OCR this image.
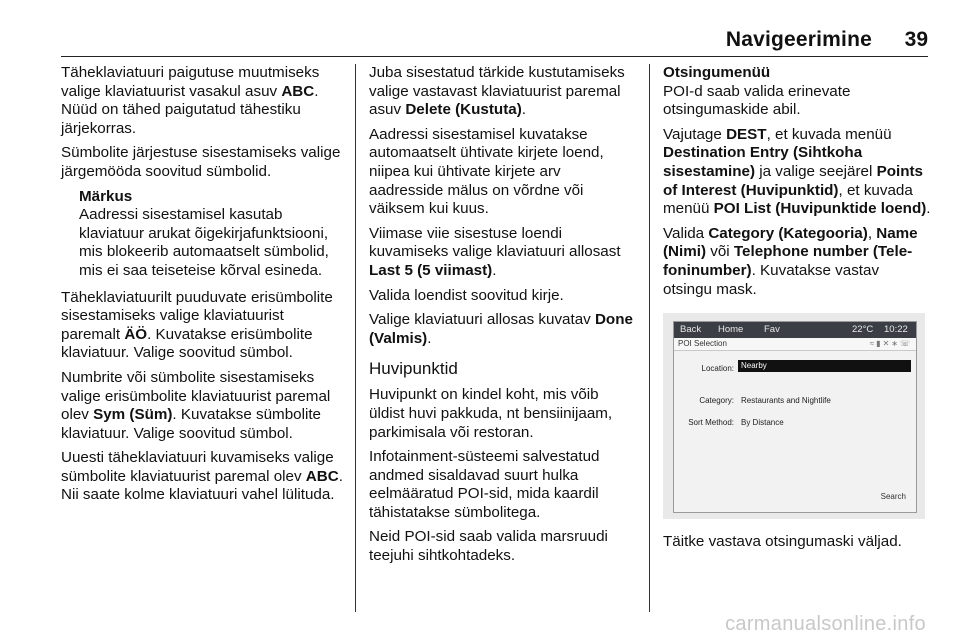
Navigeerimine 39

Täheklaviatuuri paigutuse muutmiseks valige klaviatuurist vasakul asuv ABC. Nüüd on tähed paigutatud tähestiku järjekorras.

Sümbolite järjestuse sisestamiseks valige järgemööda soovitud sümbolid.

Märkus
Aadressi sisestamisel kasutab klaviatuur arukat õigekirjafunktsiooni, mis blokeerib automaatselt sümbolid, mis ei saa teiseteise kõrval esineda.

Täheklaviatuurilt puuduvate erisümbolite sisestamiseks valige klaviatuurist paremalt ÄÖ. Kuvatakse erisümbolite klaviatuur. Valige soovitud sümbol.

Numbrite või sümbolite sisestamiseks valige erisümbolite klaviatuurist paremal olev Sym (Süm). Kuvatakse sümbolite klaviatuur. Valige soovitud sümbol.

Uuesti täheklaviatuuri kuvamiseks valige sümbolite klaviatuurist paremal olev ABC. Nii saate kolme klaviatuuri vahel lülituda.

Juba sisestatud tärkide kustutamiseks valige vastavast klaviatuurist paremal asuv Delete (Kustuta).

Aadressi sisestamisel kuvatakse automaatselt ühtivate kirjete loend, niipea kui ühtivate kirjete arv aadresside mälus on võrdne või väiksem kui kuus.

Viimase viie sisestuse loendi kuvamiseks valige klaviatuuri allosast Last 5 (5 viimast).

Valida loendist soovitud kirje.

Valige klaviatuuri allosas kuvatav Done (Valmis).

Huvipunktid

Huvipunkt on kindel koht, mis võib üldist huvi pakkuda, nt bensiinijaam, parkimisala või restoran.

Infotainment-süsteemi salvestatud andmed sisaldavad suurt hulka eelmääratud POI-sid, mida kaardil tähistatakse sümbolitega.

Neid POI-sid saab valida marsruudi teejuhi sihtkohtadeks.

Otsingumenüü

POI-d saab valida erinevate otsingumaskide abil.

Vajutage DEST, et kuvada menüü Destination Entry (Sihtkoha sisestamine) ja valige seejärel Points of Interest (Huvipunktid), et kuvada menüü POI List (Huvipunktide loend).

Valida Category (Kategooria), Name (Nimi) või Telephone number (Tele-foninumber). Kuvatakse vastav otsingu mask.

Back Home Fav	22°C 10:22
POI Selection	≈▮✕∗☏
Location: Nearby
Category: Restaurants and Nightlife
Sort Method: By Distance
Search

Täitke vastava otsingumaski väljad.

carmanualsonline.info
